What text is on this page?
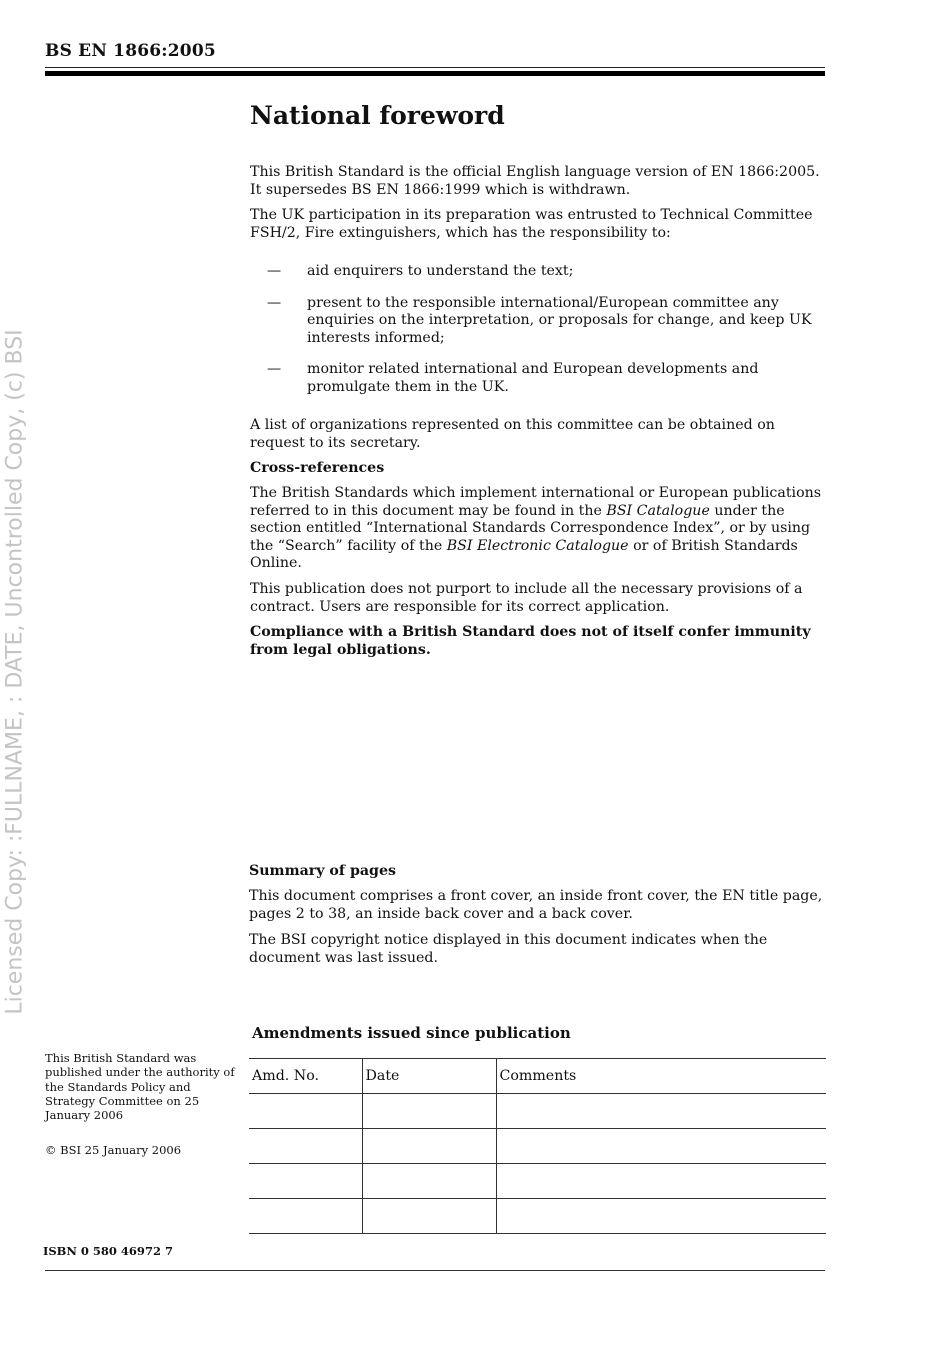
BS EN 1866:2005
National foreword

This British Standard is the official English language version of EN 1866:2005. It supersedes BS EN 1866:1999 which is withdrawn.

The UK participation in its preparation was entrusted to Technical Committee FSH/2, Fire extinguishers, which has the responsibility to:

— aid enquirers to understand the text;
— present to the responsible international/European committee any enquiries on the interpretation, or proposals for change, and keep UK interests informed;
— monitor related international and European developments and promulgate them in the UK.

A list of organizations represented on this committee can be obtained on request to its secretary.

Cross-references

The British Standards which implement international or European publications referred to in this document may be found in the BSI Catalogue under the section entitled “International Standards Correspondence Index”, or by using the “Search” facility of the BSI Electronic Catalogue or of British Standards Online.

This publication does not purport to include all the necessary provisions of a contract. Users are responsible for its correct application.

Compliance with a British Standard does not of itself confer immunity from legal obligations.

Summary of pages

This document comprises a front cover, an inside front cover, the EN title page, pages 2 to 38, an inside back cover and a back cover.

The BSI copyright notice displayed in this document indicates when the document was last issued.

Licensed Copy: :FULLNAME, : DATE, Uncontrolled Copy, (c) BSI
This British Standard was published under the authority of the Standards Policy and Strategy Committee on 25 January 2006
© BSI 25 January 2006
ISBN 0 580 46972 7
Amendments issued since publication
Amd. No.	Date	Comments
